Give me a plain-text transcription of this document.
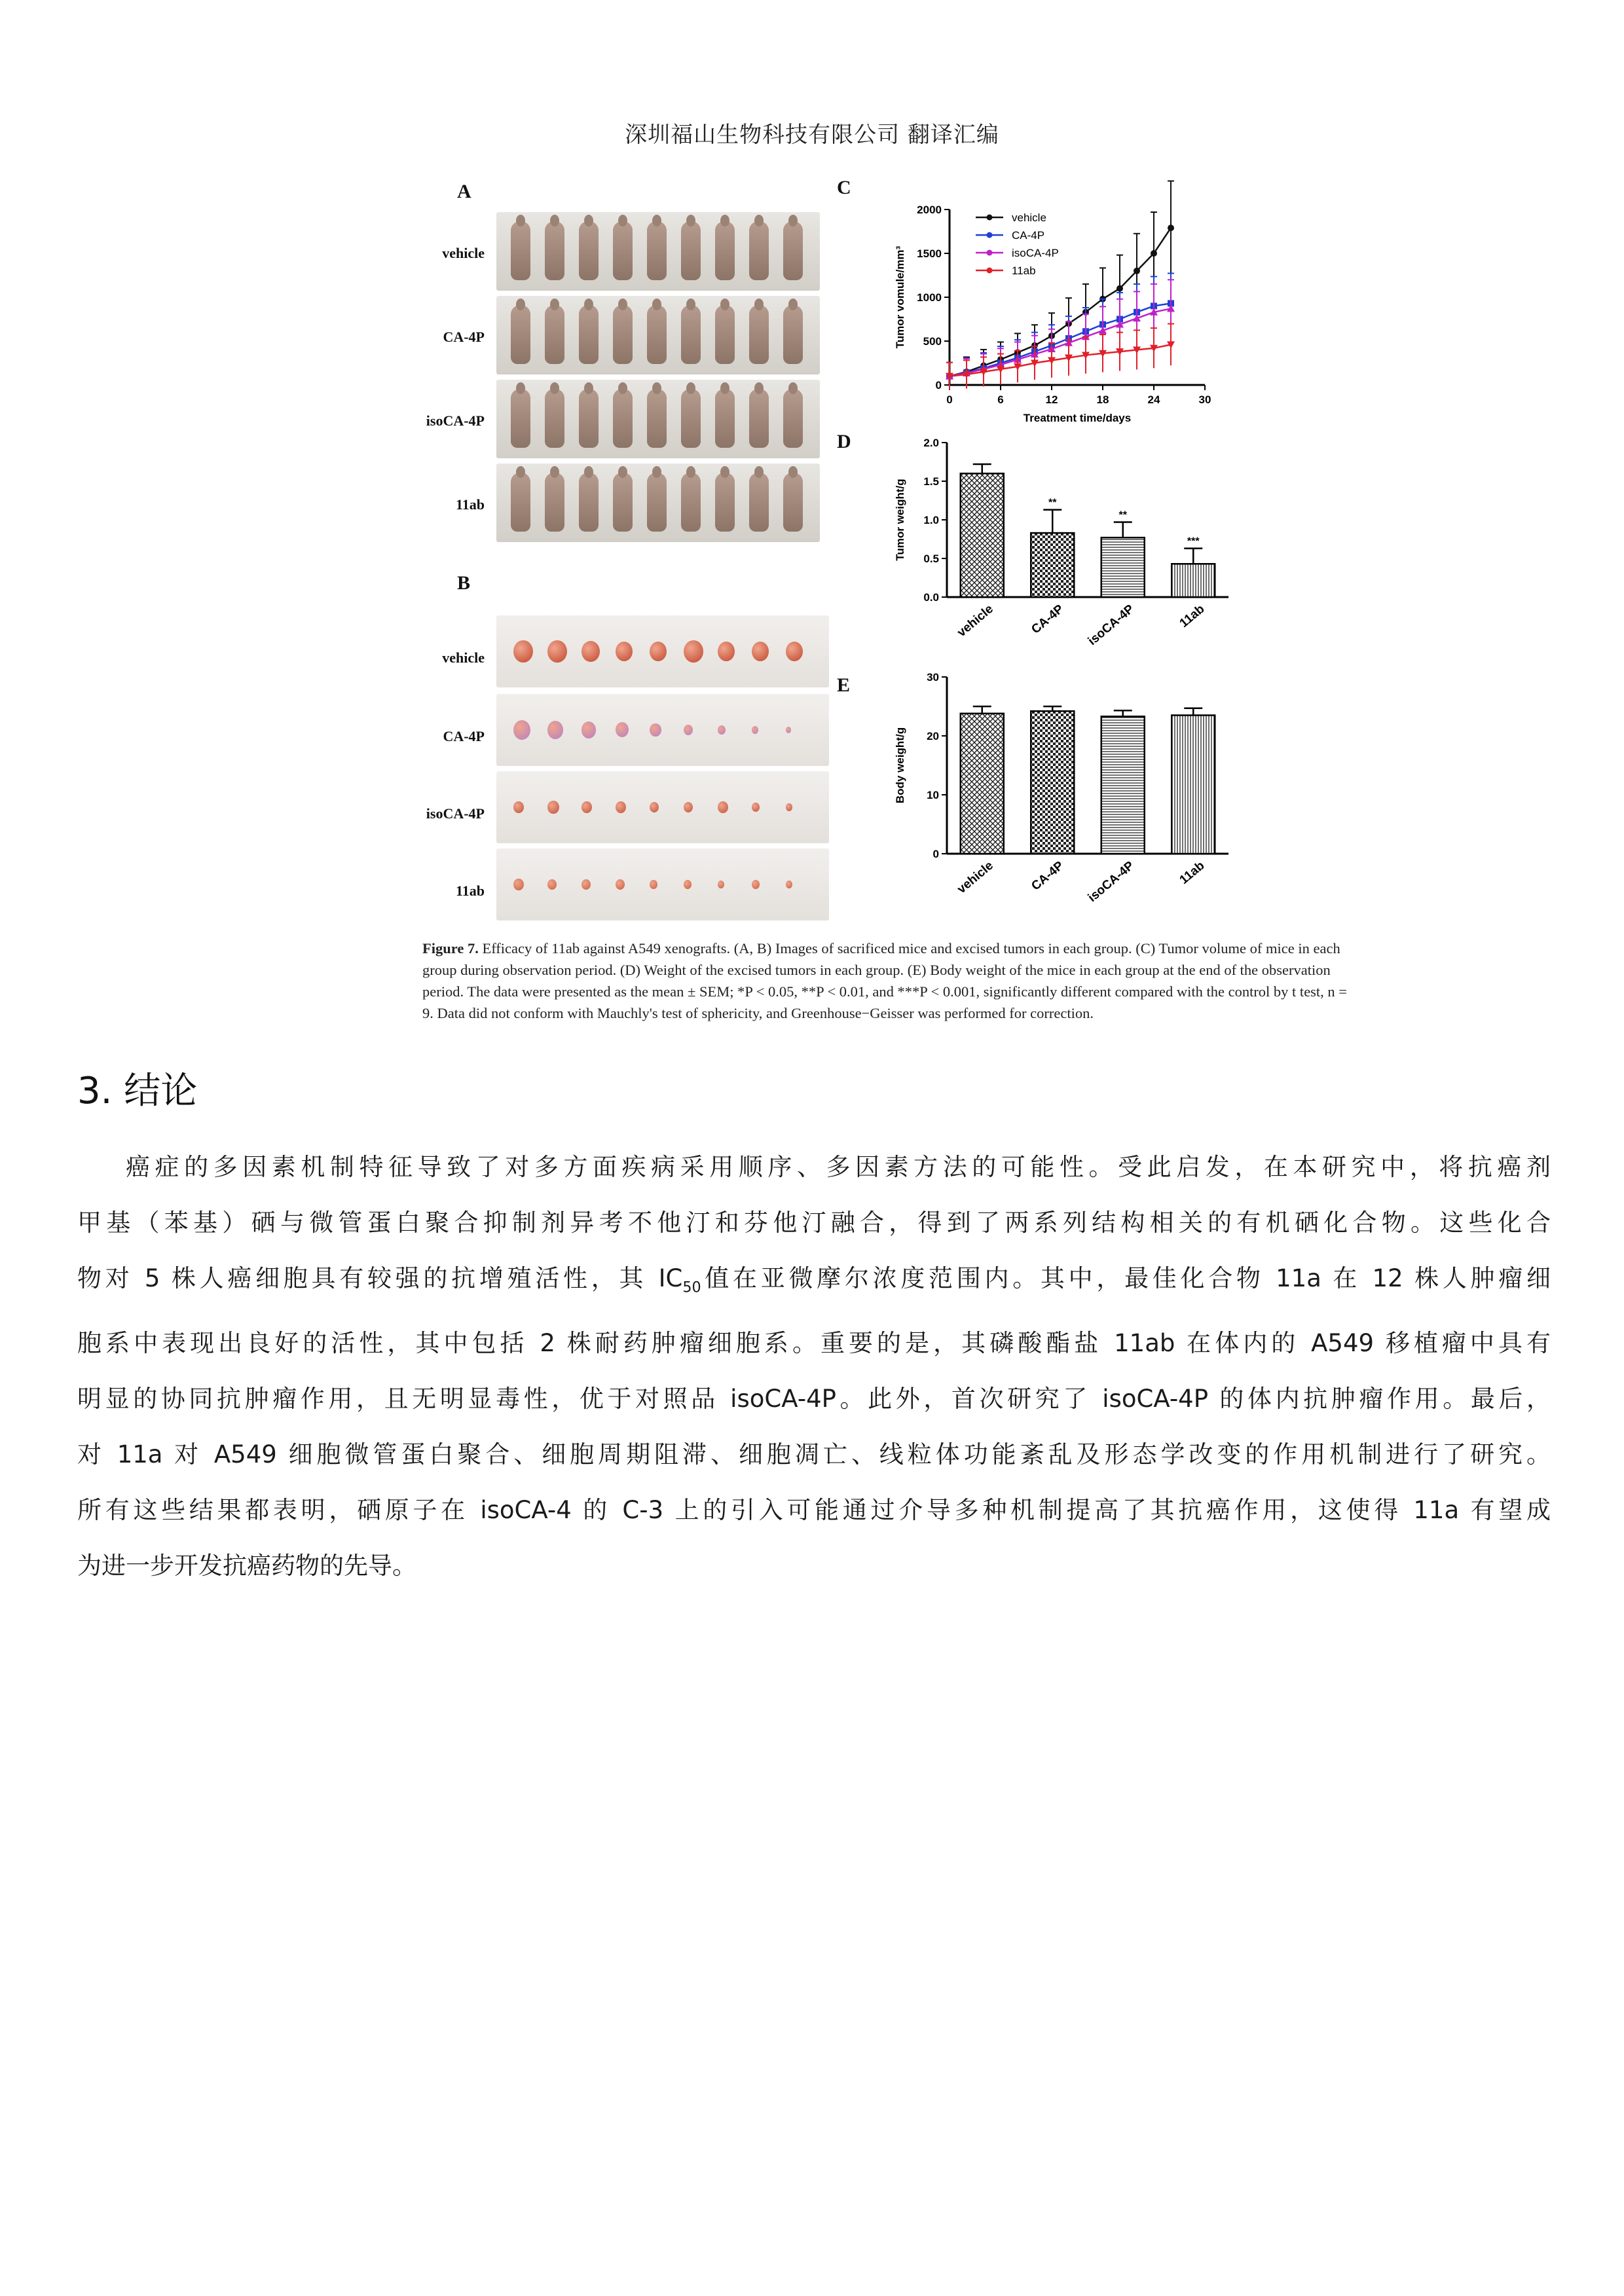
深圳福山生物科技有限公司 翻译汇编
A
vehicle
CA-4P
isoCA-4P
11ab
B
vehicle
CA-4P
isoCA-4P
11ab
C
D
E
0
500
1000
1500
2000
0	6	12	18	24	30
Treatment time/days
Tumor vomule/mm³
vehicle
CA-4P
isoCA-4P
11ab
0.0
0.5
1.0
1.5
2.0
Tumor weight/g
vehicle
**
CA-4P
**
isoCA-4P
***
11ab
0
10
20
30
Body weight/g
vehicle	CA-4P isoCA-4P	11ab
Figure 7. Efficacy of 11ab against A549 xenografts. (A, B) Images of sacrificed mice and excised tumors in each group. (C) Tumor volume of mice in each group during observation period. (D) Weight of the excised tumors in each group. (E) Body weight of the mice in each group at the end of the observation period. The data were presented as the mean ± SEM; *P < 0.05, **P < 0.01, and ***P < 0.001, significantly different compared with the control by t test, n = 9. Data did not conform with Mauchly's test of sphericity, and Greenhouse−Geisser was performed for correction.
3. 结论

癌症的多因素机制特征导致了对多方面疾病采用顺序、多因素方法的可能性。受此启发，在本研究中，将抗癌剂甲基（苯基）硒与微管蛋白聚合抑制剂异考不他汀和芬他汀融合，得到了两系列结构相关的有机硒化合物。这些化合物对 5 株人癌细胞具有较强的抗增殖活性，其 $IC_{50}$值在亚微摩尔浓度范围内。其中，最佳化合物 11a 在 12 株人肿瘤细胞系中表现出良好的活性，其中包括 2 株耐药肿瘤细胞系。重要的是，其磷酸酯盐 11ab 在体内的 A549 移植瘤中具有明显的协同抗肿瘤作用，且无明显毒性，优于对照品 isoCA-4P。此外，首次研究了 isoCA-4P 的体内抗肿瘤作用。最后，对 11a 对 A549 细胞微管蛋白聚合、细胞周期阻滞、细胞凋亡、线粒体功能紊乱及形态学改变的作用机制进行了研究。所有这些结果都表明，硒原子在 isoCA-4 的 C-3 上的引入可能通过介导多种机制提高了其抗癌作用，这使得 11a 有望成为进一步开发抗癌药物的先导。
